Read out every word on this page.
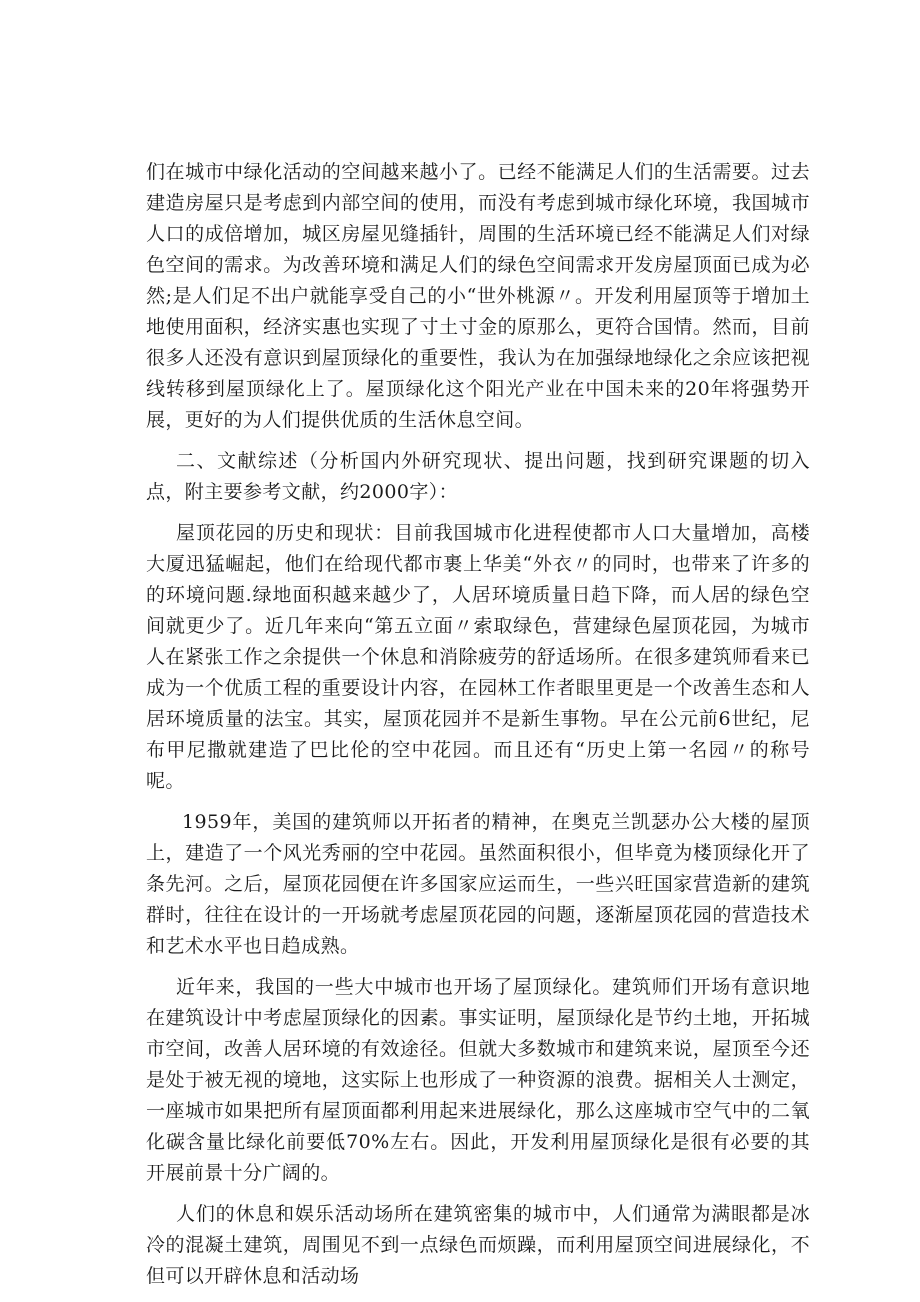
们在城市中绿化活动的空间越来越小了。已经不能满足人们的生活需要。过去建造房屋只是考虑到内部空间的使用，而没有考虑到城市绿化环境，我国城市人口的成倍增加，城区房屋见缝插针，周围的生活环境已经不能满足人们对绿色空间的需求。为改善环境和满足人们的绿色空间需求开发房屋顶面已成为必然;是人们足不出户就能享受自己的小“世外桃源〃。开发利用屋顶等于增加土地使用面积，经济实惠也实现了寸土寸金的原那么，更符合国情。然而，目前很多人还没有意识到屋顶绿化的重要性，我认为在加强绿地绿化之余应该把视线转移到屋顶绿化上了。屋顶绿化这个阳光产业在中国未来的20年将强势开展，更好的为人们提供优质的生活休息空间。

二、文献综述（分析国内外研究现状、提出问题，找到研究课题的切入点，附主要参考文献，约2000字）：

屋顶花园的历史和现状：目前我国城市化进程使都市人口大量增加，高楼大厦迅猛崛起，他们在给现代都市裹上华美“外衣〃的同时，也带来了许多的的环境问题.绿地面积越来越少了，人居环境质量日趋下降，而人居的绿色空间就更少了。近几年来向“第五立面〃索取绿色，营建绿色屋顶花园，为城市人在紧张工作之余提供一个休息和消除疲劳的舒适场所。在很多建筑师看来已成为一个优质工程的重要设计内容，在园林工作者眼里更是一个改善生态和人居环境质量的法宝。其实，屋顶花园并不是新生事物。早在公元前6世纪，尼布甲尼撒就建造了巴比伦的空中花园。而且还有“历史上第一名园〃的称号呢。

1959年，美国的建筑师以开拓者的精神，在奥克兰凯瑟办公大楼的屋顶上，建造了一个风光秀丽的空中花园。虽然面积很小，但毕竟为楼顶绿化开了条先河。之后，屋顶花园便在许多国家应运而生，一些兴旺国家营造新的建筑群时，往往在设计的一开场就考虑屋顶花园的问题，逐渐屋顶花园的营造技术和艺术水平也日趋成熟。

近年来，我国的一些大中城市也开场了屋顶绿化。建筑师们开场有意识地在建筑设计中考虑屋顶绿化的因素。事实证明，屋顶绿化是节约土地，开拓城市空间，改善人居环境的有效途径。但就大多数城市和建筑来说，屋顶至今还是处于被无视的境地，这实际上也形成了一种资源的浪费。据相关人士测定，一座城市如果把所有屋顶面都利用起来进展绿化，那么这座城市空气中的二氧化碳含量比绿化前要低70%左右。因此，开发利用屋顶绿化是很有必要的其开展前景十分广阔的。

人们的休息和娱乐活动场所在建筑密集的城市中，人们通常为满眼都是冰冷的混凝土建筑，周围见不到一点绿色而烦躁，而利用屋顶空间进展绿化，不但可以开辟休息和活动场
